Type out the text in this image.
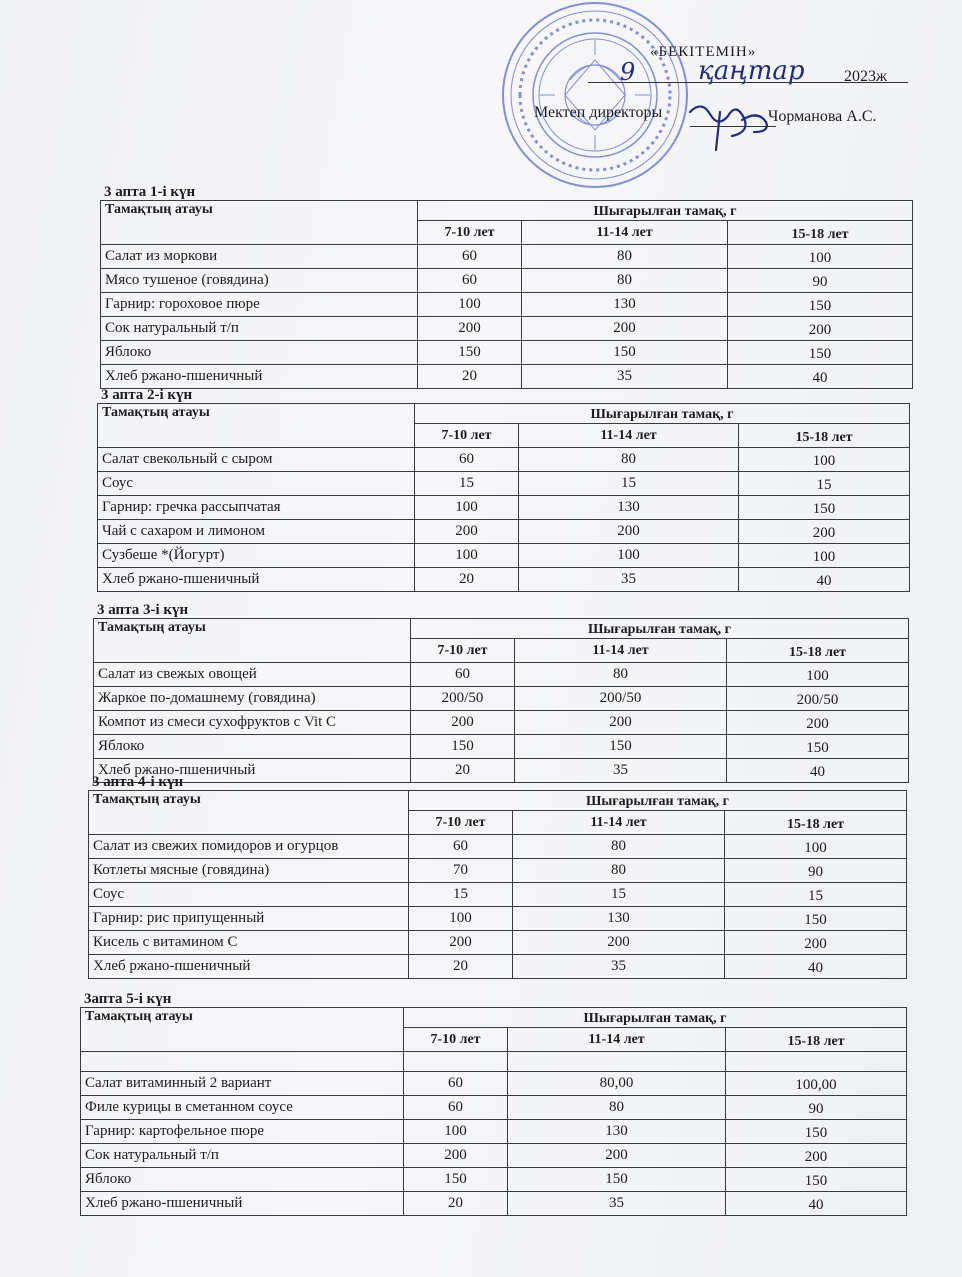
«БЕКІТЕМІН»
9 қаңтар 2023ж
Мектеп директоры	Чорманова А.С.
3 апта 1-і күн
Тамақтың атауы	Шығарылған тамақ, г		
	7-10 лет	11-14 лет	15-18 лет
Салат из моркови	60	80	100
Мясо тушеное (говядина)	60	80	90
Гарнир: гороховое пюре	100	130	150
Сок натуральный т/п	200	200	200
Яблоко	150	150	150
Хлеб ржано-пшеничный	20	35	40
3 апта 2-і күн
Тамақтың атауы	Шығарылған тамақ, г		
	7-10 лет	11-14 лет	15-18 лет
Салат свекольный с сыром	60	80	100
Соус	15	15	15
Гарнир: гречка рассыпчатая	100	130	150
Чай с сахаром и лимоном	200	200	200
Сузбеше *(Йогурт)	100	100	100
Хлеб ржано-пшеничный	20	35	40
3 апта 3-і күн
Тамақтың атауы	Шығарылған тамақ, г		
	7-10 лет	11-14 лет	15-18 лет
Салат из свежых овощей	60	80	100
Жаркое по-домашнему (говядина)	200/50	200/50	200/50
Компот из смеси сухофруктов с Vit C	200	200	200
Яблоко	150	150	150
Хлеб ржано-пшеничный	20	35	40
3 апта 4-і күн
Тамақтың атауы	Шығарылған тамақ, г		
	7-10 лет	11-14 лет	15-18 лет
Салат из свежих помидоров и огурцов	60	80	100
Котлеты мясные (говядина)	70	80	90
Соус	15	15	15
Гарнир: рис припущенный	100	130	150
Кисель с витамином С	200	200	200
Хлеб ржано-пшеничный	20	35	40
3апта 5-і күн
Тамақтың атауы	Шығарылған тамақ, г		
	7-10 лет	11-14 лет	15-18 лет

Салат витаминный 2 вариант	60	80,00	100,00
Филе курицы в сметанном соусе	60	80	90
Гарнир: картофельное пюре	100	130	150
Сок натуральный т/п	200	200	200
Яблоко	150	150	150
Хлеб ржано-пшеничный	20	35	40
